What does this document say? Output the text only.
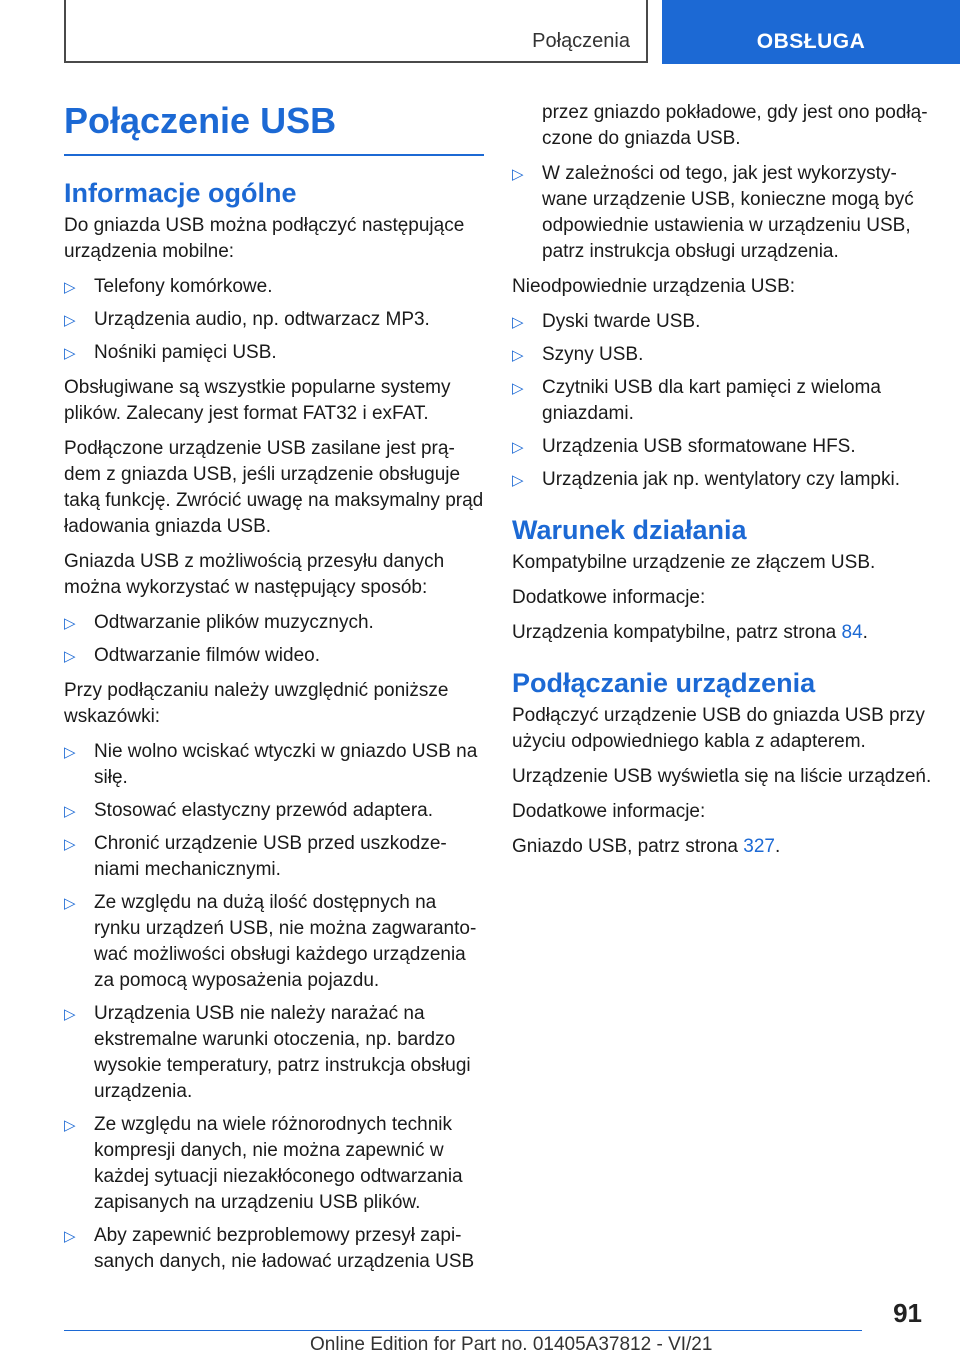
Połączenia	OBSŁUGA
Połączenie USB
Informacje ogólne

Do gniazda USB można podłączyć następujące urządzenia mobilne:

▷ Telefony komórkowe.
▷ Urządzenia audio, np. odtwarzacz MP3.
▷ Nośniki pamięci USB.

Obsługiwane są wszystkie popularne systemy plików. Zalecany jest format FAT32 i exFAT.

Podłączone urządzenie USB zasilane jest prądem z gniazda USB, jeśli urządzenie obsługuje taką funkcję. Zwrócić uwagę na maksymalny prąd ładowania gniazda USB.

Gniazda USB z możliwością przesyłu danych można wykorzystać w następujący sposób:

▷ Odtwarzanie plików muzycznych.
▷ Odtwarzanie filmów wideo.

Przy podłączaniu należy uwzględnić poniższe wskazówki:

▷ Nie wolno wciskać wtyczki w gniazdo USB na siłę.
▷ Stosować elastyczny przewód adaptera.
▷ Chronić urządzenie USB przed uszkodzeniami mechanicznymi.
▷ Ze względu na dużą ilość dostępnych na rynku urządzeń USB, nie można zagwarantować możliwości obsługi każdego urządzenia za pomocą wyposażenia pojazdu.
▷ Urządzenia USB nie należy narażać na ekstremalne warunki otoczenia, np. bardzo wysokie temperatury, patrz instrukcja obsługi urządzenia.
▷ Ze względu na wiele różnorodnych technik kompresji danych, nie można zapewnić w każdej sytuacji niezakłóconego odtwarzania zapisanych na urządzeniu USB plików.
▷ Aby zapewnić bezproblemowy przesył zapisanych danych, nie ładować urządzenia USB

przez gniazdo pokładowe, gdy jest ono podłączone do gniazda USB.

▷ W zależności od tego, jak jest wykorzystywane urządzenie USB, konieczne mogą być odpowiednie ustawienia w urządzeniu USB, patrz instrukcja obsługi urządzenia.

Nieodpowiednie urządzenia USB:

▷ Dyski twarde USB.
▷ Szyny USB.
▷ Czytniki USB dla kart pamięci z wieloma gniazdami.
▷ Urządzenia USB sformatowane HFS.
▷ Urządzenia jak np. wentylatory czy lampki.
Warunek działania

Kompatybilne urządzenie ze złączem USB.

Dodatkowe informacje:

Urządzenia kompatybilne, patrz strona 84.

Podłączanie urządzenia

Podłączyć urządzenie USB do gniazda USB przy użyciu odpowiedniego kabla z adapterem.

Urządzenie USB wyświetla się na liście urządzeń.

Dodatkowe informacje:

Gniazdo USB, patrz strona 327.

91
Online Edition for Part no. 01405A37812 - VI/21
